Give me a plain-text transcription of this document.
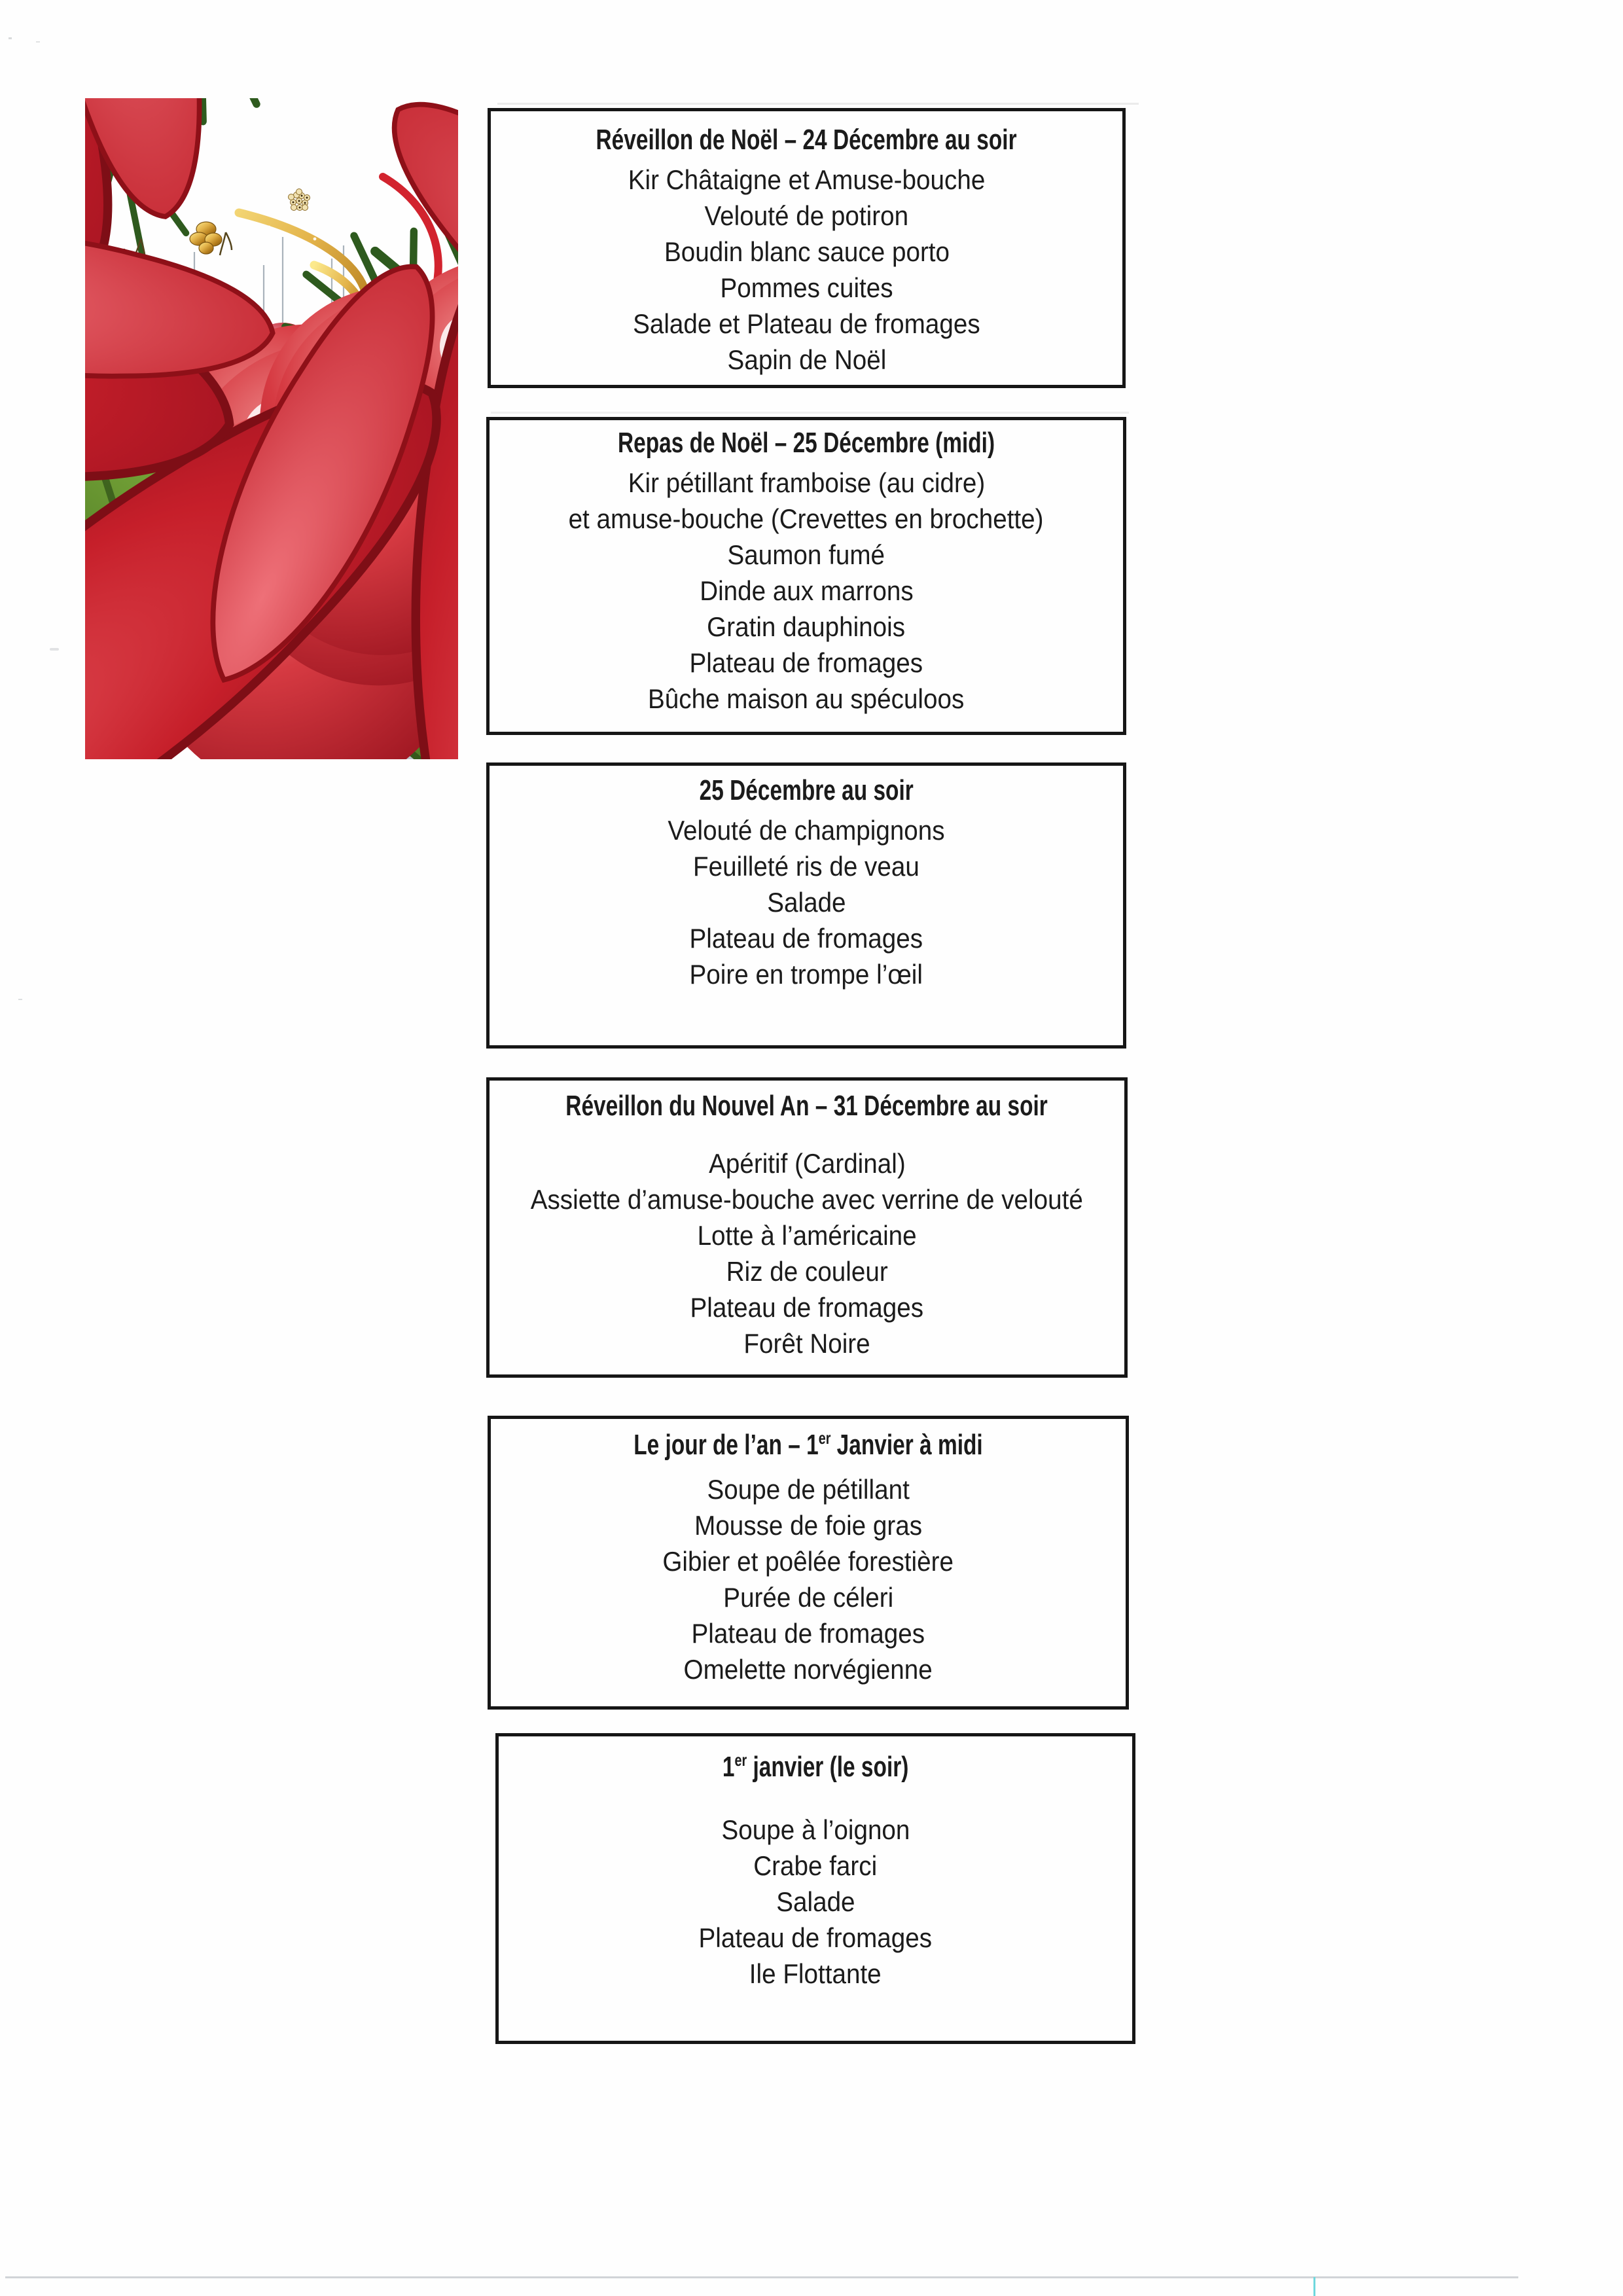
Réveillon de Noël – 24 Décembre au soir
Kir Châtaigne et Amuse-bouche
Velouté de potiron
Boudin blanc sauce porto
Pommes cuites
Salade et Plateau de fromages
Sapin de Noël
Repas de Noël – 25 Décembre (midi)
Kir pétillant framboise (au cidre)
et amuse-bouche (Crevettes en brochette)
Saumon fumé
Dinde aux marrons
Gratin dauphinois
Plateau de fromages
Bûche maison au spéculoos
25 Décembre au soir
Velouté de champignons
Feuilleté ris de veau
Salade
Plateau de fromages
Poire en trompe l’œil
Réveillon du Nouvel An – 31 Décembre au soir
Apéritif (Cardinal)
Assiette d’amuse-bouche avec verrine de velouté
Lotte à l’américaine
Riz de couleur
Plateau de fromages
Forêt Noire
Le jour de l’an – 1er Janvier à midi
Soupe de pétillant
Mousse de foie gras
Gibier et poêlée forestière
Purée de céleri
Plateau de fromages
Omelette norvégienne
1er janvier (le soir)
Soupe à l’oignon
Crabe farci
Salade
Plateau de fromages
Ile Flottante
